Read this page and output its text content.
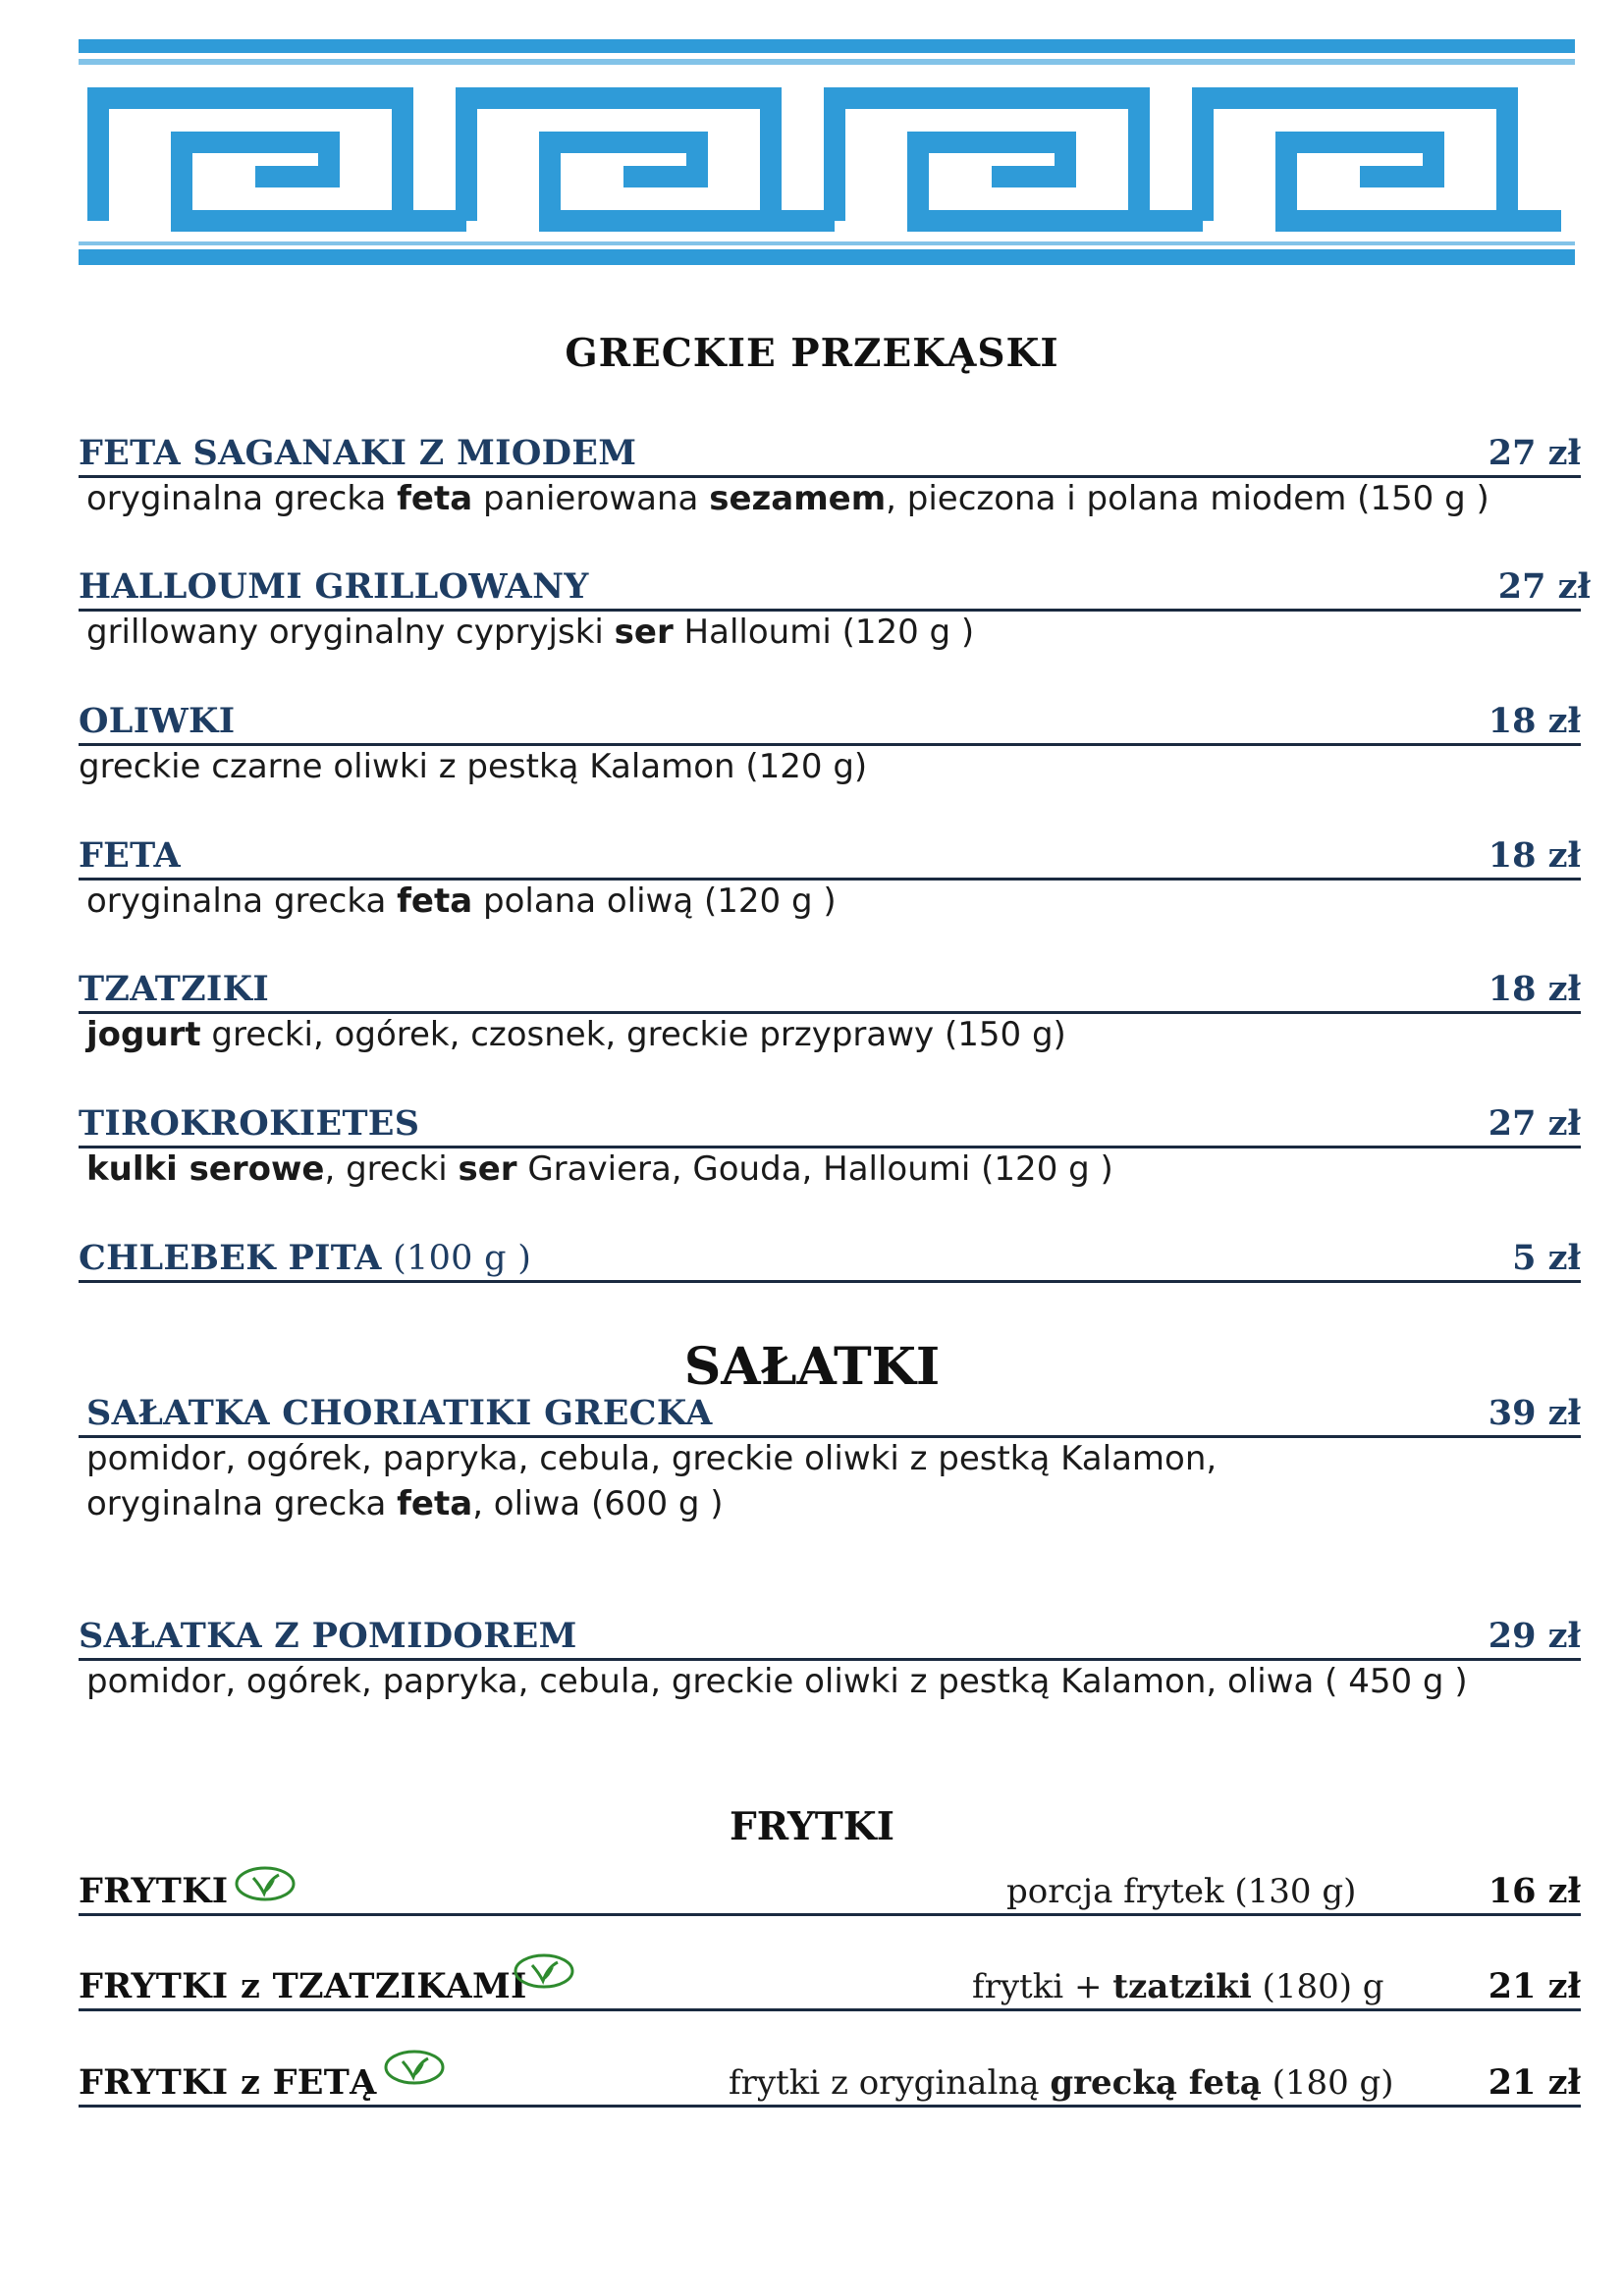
GRECKIE PRZEKĄSKI
FETA SAGANAKI Z MIODEM	27 zł
oryginalna grecka feta panierowana sezamem, pieczona i polana miodem (150 g )
HALLOUMI GRILLOWANY	27 zł
grillowany oryginalny cypryjski ser Halloumi (120 g )
OLIWKI	18 zł
greckie czarne oliwki z pestką Kalamon (120 g)
FETA	18 zł
oryginalna grecka feta polana oliwą (120 g )
TZATZIKI	18 zł
jogurt grecki, ogórek, czosnek, greckie przyprawy (150 g)
TIROKROKIETES	27 zł
kulki serowe, grecki ser Graviera, Gouda, Halloumi (120 g )
CHLEBEK PITA (100 g )	5 zł
SAŁATKI
SAŁATKA CHORIATIKI GRECKA	39 zł
pomidor, ogórek, papryka, cebula, greckie oliwki z pestką Kalamon,
oryginalna grecka feta, oliwa (600 g )
SAŁATKA Z POMIDOREM	29 zł
pomidor, ogórek, papryka, cebula, greckie oliwki z pestką Kalamon, oliwa ( 450 g )
FRYTKI
FRYTKI	porcja frytek (130 g)	16 zł
FRYTKI z TZATZIKAMI	frytki + tzatziki (180) g	21 zł
FRYTKI z FETĄ	frytki z oryginalną grecką fetą (180 g)	21 zł
